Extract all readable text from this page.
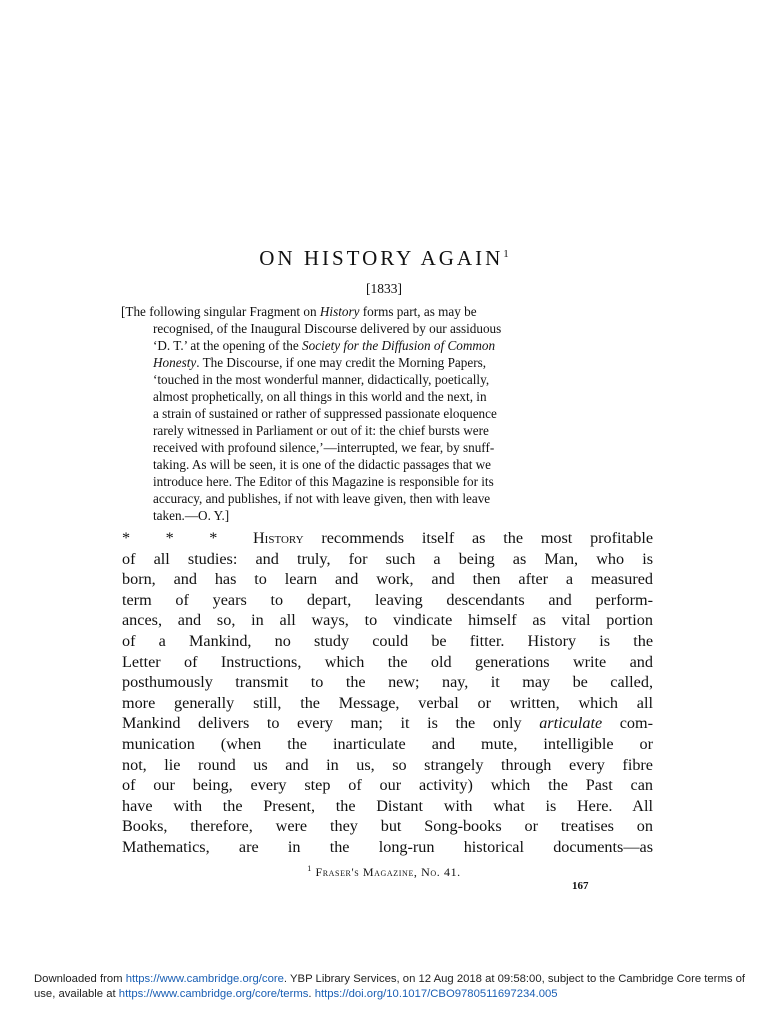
ON HISTORY AGAIN$^1$
[1833]
[The following singular Fragment on History forms part, as may be
recognised, of the Inaugural Discourse delivered by our assiduous
‘D. T.’ at the opening of the Society for the Diffusion of Common
Honesty. The Discourse, if one may credit the Morning Papers,
‘touched in the most wonderful manner, didactically, poetically,
almost prophetically, on all things in this world and the next, in
a strain of sustained or rather of suppressed passionate eloquence
rarely witnessed in Parliament or out of it: the chief bursts were
received with profound silence,’—interrupted, we fear, by snuff-
taking. As will be seen, it is one of the didactic passages that we
introduce here. The Editor of this Magazine is responsible for its
accuracy, and publishes, if not with leave given, then with leave
taken.—O. Y.]
*  *  *  History recommends itself as the most profitable
of all studies: and truly, for such a being as Man, who is
born, and has to learn and work, and then after a measured
term of years to depart, leaving descendants and perform-
ances, and so, in all ways, to vindicate himself as vital portion
of a Mankind, no study could be fitter. History is the
Letter of Instructions, which the old generations write and
posthumously transmit to the new; nay, it may be called,
more generally still, the Message, verbal or written, which all
Mankind delivers to every man; it is the only articulate com-
munication (when the inarticulate and mute, intelligible or
not, lie round us and in us, so strangely through every fibre
of our being, every step of our activity) which the Past can
have with the Present, the Distant with what is Here. All
Books, therefore, were they but Song-books or treatises on
Mathematics, are in the long-run historical documents—as
$^1$ Fraser's Magazine, No. 41.
167
Downloaded from https://www.cambridge.org/core. YBP Library Services, on 12 Aug 2018 at 09:58:00, subject to the Cambridge Core terms of use, available at https://www.cambridge.org/core/terms. https://doi.org/10.1017/CBO9780511697234.005
